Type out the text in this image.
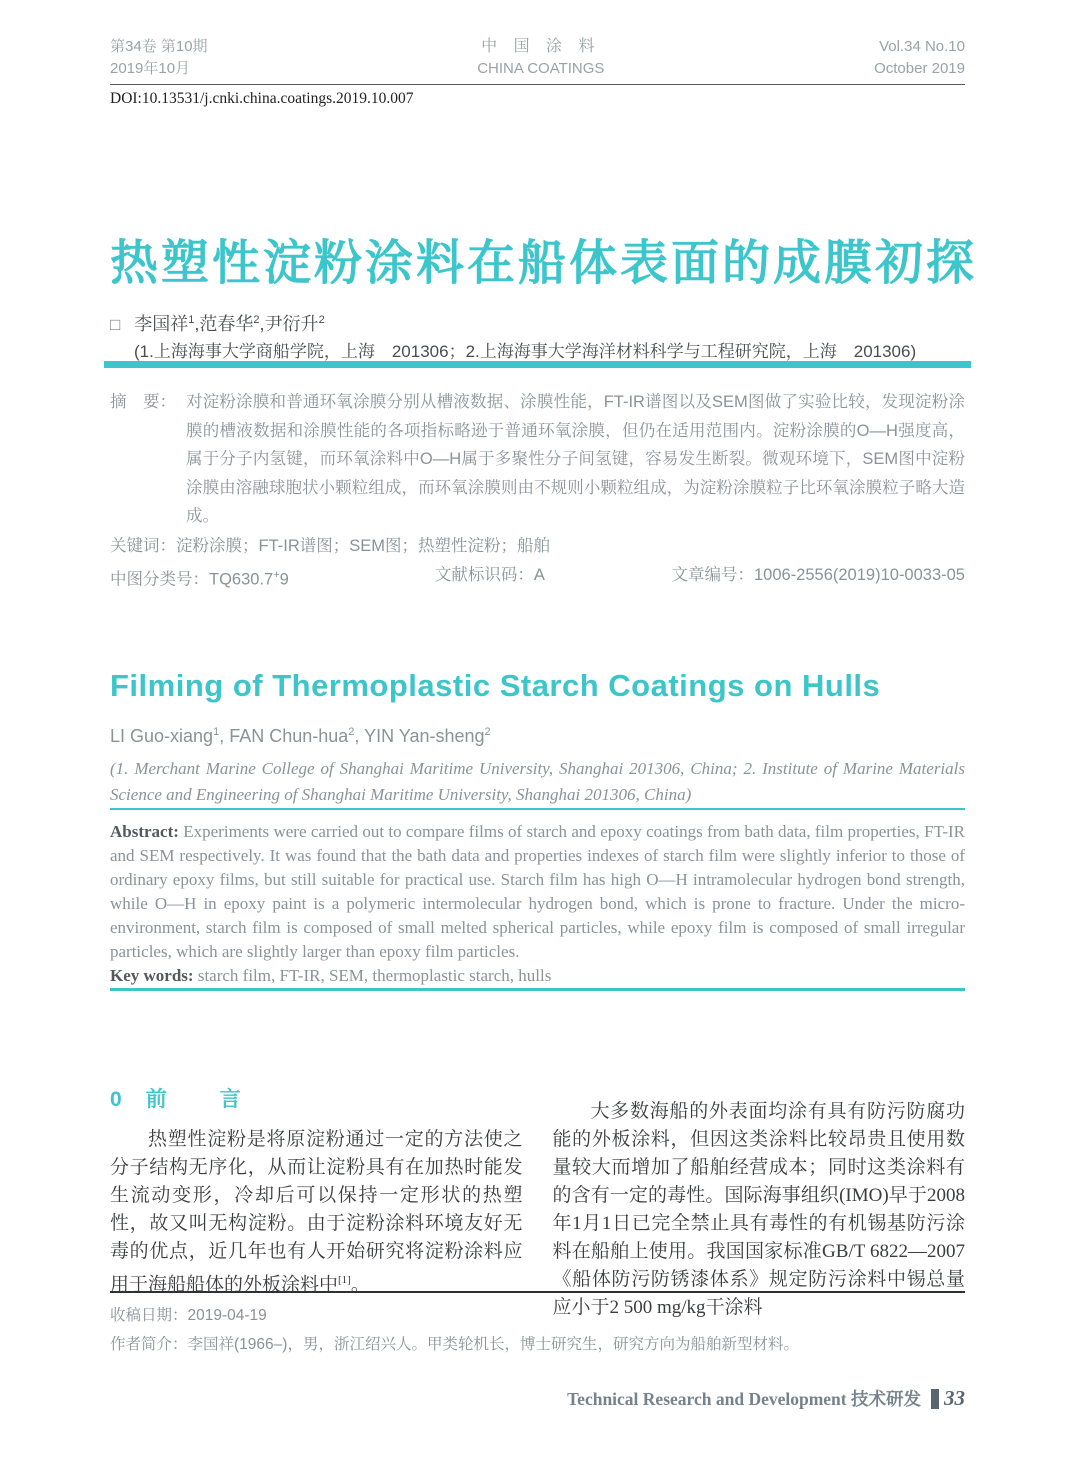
第34卷 第10期
2019年10月
中 国 涂 料
CHINA COATINGS
Vol.34 No.10
October 2019
DOI:10.13531/j.cnki.china.coatings.2019.10.007
热塑性淀粉涂料在船体表面的成膜初探
□ 李国祥$^1$,范春华$^2$,尹衍升$^2$
(1.上海海事大学商船学院，上海　201306；2.上海海事大学海洋材料科学与工程研究院，上海　201306)
摘　要： 对淀粉涂膜和普通环氧涂膜分别从槽液数据、涂膜性能，FT-IR谱图以及SEM图做了实验比较，发现淀粉涂膜的槽液数据和涂膜性能的各项指标略逊于普通环氧涂膜，但仍在适用范围内。淀粉涂膜的O—H强度高，属于分子内氢键，而环氧涂料中O—H属于多聚性分子间氢键，容易发生断裂。微观环境下，SEM图中淀粉涂膜由溶融球胞状小颗粒组成，而环氧涂膜则由不规则小颗粒组成，为淀粉涂膜粒子比环氧涂膜粒子略大造成。
关键词：淀粉涂膜；FT-IR谱图；SEM图；热塑性淀粉；船舶
中图分类号：TQ630.7+9	文献标识码：A	文章编号：1006-2556(2019)10-0033-05
Filming of Thermoplastic Starch Coatings on Hulls
LI Guo-xiang$^1$, FAN Chun-hua$^2$, YIN Yan-sheng$^2$
(1. Merchant Marine College of Shanghai Maritime University, Shanghai 201306, China; 2. Institute of Marine Materials Science and Engineering of Shanghai Maritime University, Shanghai 201306, China)

Abstract: Experiments were carried out to compare films of starch and epoxy coatings from bath data, film properties, FT-IR and SEM respectively. It was found that the bath data and properties indexes of starch film were slightly inferior to those of ordinary epoxy films, but still suitable for practical use. Starch film has high O—H intramolecular hydrogen bond strength, while O—H in epoxy paint is a polymeric intermolecular hydrogen bond, which is prone to fracture. Under the micro-environment, starch film is composed of small melted spherical particles, while epoxy film is composed of small irregular particles, which are slightly larger than epoxy film particles.

Key words: starch film, FT-IR, SEM, thermoplastic starch, hulls

0 前　言

热塑性淀粉是将原淀粉通过一定的方法使之分子结构无序化，从而让淀粉具有在加热时能发生流动变形，冷却后可以保持一定形状的热塑性，故又叫无构淀粉。由于淀粉涂料环境友好无毒的优点，近几年也有人开始研究将淀粉涂料应用于海船船体的外板涂料中[1]。

大多数海船的外表面均涂有具有防污防腐功能的外板涂料，但因这类涂料比较昂贵且使用数量较大而增加了船舶经营成本；同时这类涂料有的含有一定的毒性。国际海事组织(IMO)早于2008年1月1日已完全禁止具有毒性的有机锡基防污涂料在船舶上使用。我国国家标准GB/T 6822—2007《船体防污防锈漆体系》规定防污涂料中锡总量应小于2 500 mg/kg干涂料

收稿日期：2019-04-19
作者简介：李国祥(1966–)，男，浙江绍兴人。甲类轮机长，博士研究生，研究方向为船舶新型材料。
Technical Research and Development 技术研发 33
